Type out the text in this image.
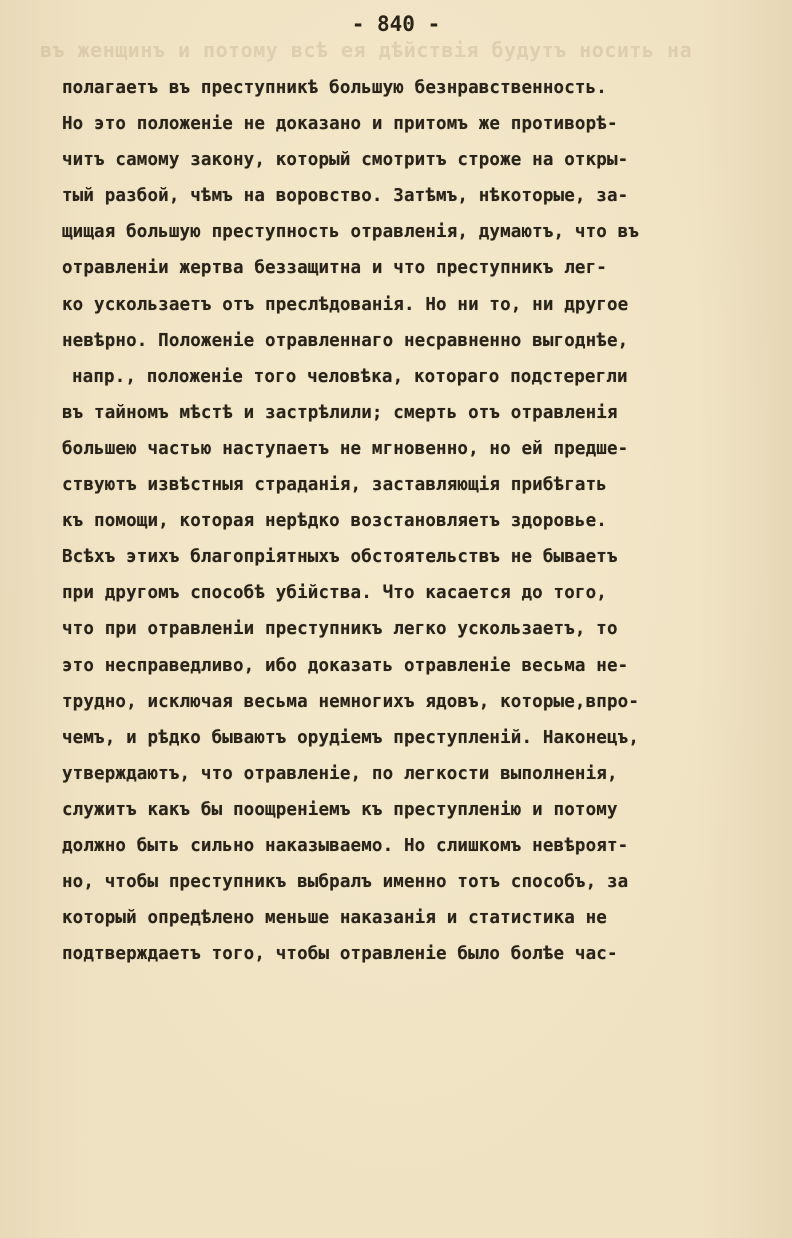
въ женщинъ и потому всѣ ея дѣйствія будутъ носить на
- 840 -
полагаетъ въ преступникѣ большую безнравственность.
Но это положеніе не доказано и притомъ же противорѣ-
читъ самому закону, который смотритъ строже на откры-
тый разбой, чѣмъ на воровство. Затѣмъ, нѣкоторые, за-
щищая большую преступность отравленія, думаютъ, что въ
отравленіи жертва беззащитна и что преступникъ лег-
ко ускользаетъ отъ преслѣдованія. Но ни то, ни другое
невѣрно. Положеніе отравленнаго несравненно выгоднѣе,
напр., положеніе того человѣка, котораго подстерегли
въ тайномъ мѣстѣ и застрѣлили; смерть отъ отравленія
большею частью наступаетъ не мгновенно, но ей предше-
ствуютъ извѣстныя страданія, заставляющія прибѣгать
къ помощи, которая нерѣдко возстановляетъ здоровье.
Всѣхъ этихъ благопріятныхъ обстоятельствъ не бываетъ
при другомъ способѣ убійства. Что касается до того,
что при отравленіи преступникъ легко ускользаетъ, то
это несправедливо, ибо доказать отравленіе весьма не-
трудно, исключая весьма немногихъ ядовъ, которые,впро-
чемъ, и рѣдко бываютъ орудіемъ преступленій. Наконецъ,
утверждаютъ, что отравленіе, по легкости выполненія,
служитъ какъ бы поощреніемъ къ преступленію и потому
должно быть сильно наказываемо. Но слишкомъ невѣроят-
но, чтобы преступникъ выбралъ именно тотъ способъ, за
который опредѣлено меньше наказанія и статистика не
подтверждаетъ того, чтобы отравленіе было болѣе час-
